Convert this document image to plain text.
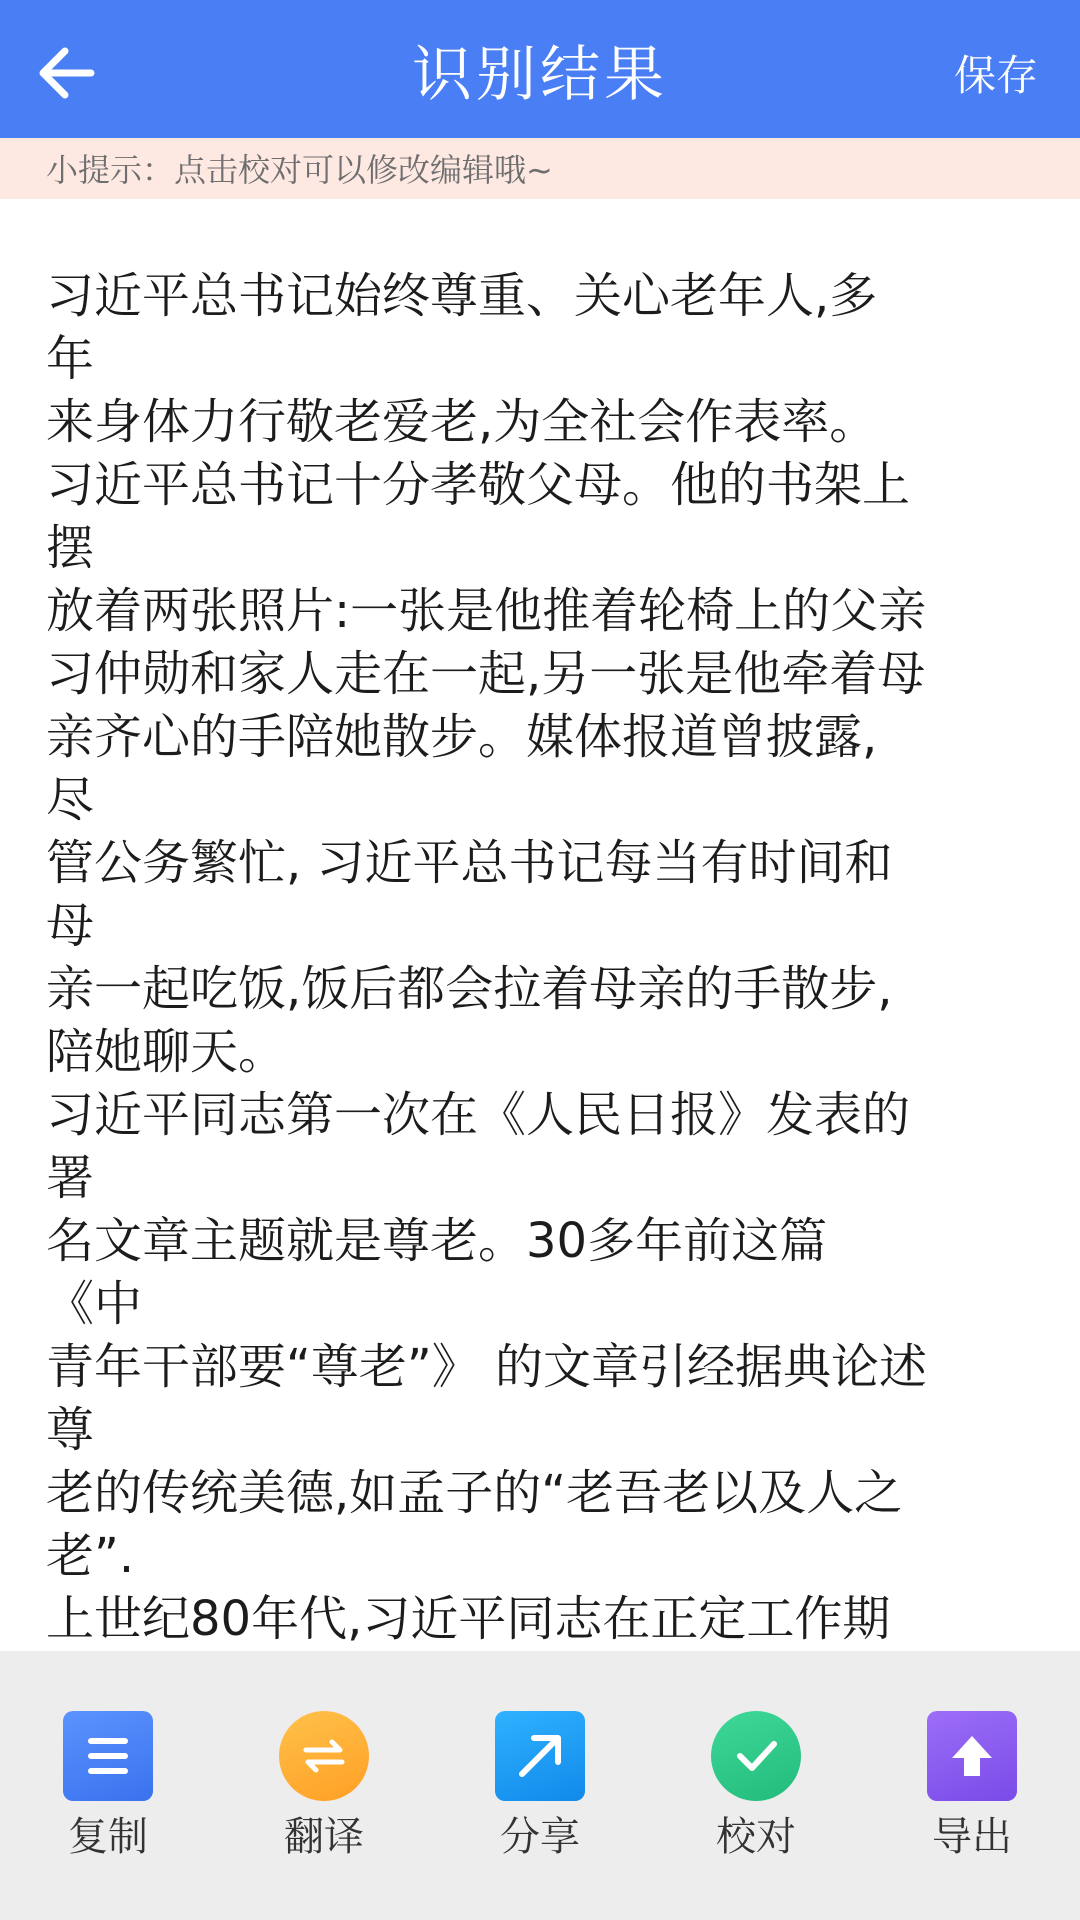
识别结果	保存
小提示：点击校对可以修改编辑哦~

习近平总书记始终尊重、关心老年人,多
年
来身体力行敬老爱老,为全社会作表率。
习近平总书记十分孝敬父母。他的书架上
摆
放着两张照片:一张是他推着轮椅上的父亲
习仲勋和家人走在一起,另一张是他牵着母
亲齐心的手陪她散步。媒体报道曾披露,
尽
管公务繁忙, 习近平总书记每当有时间和
母
亲一起吃饭,饭后都会拉着母亲的手散步,
陪她聊天。
习近平同志第一次在《人民日报》发表的
署
名文章主题就是尊老。30多年前这篇
《中
青年干部要“尊老”》 的文章引经据典论述
尊
老的传统美德,如孟子的“老吾老以及人之
老”.
上世纪80年代,习近平同志在正定工作期

复制	翻译	分享	校对	导出
